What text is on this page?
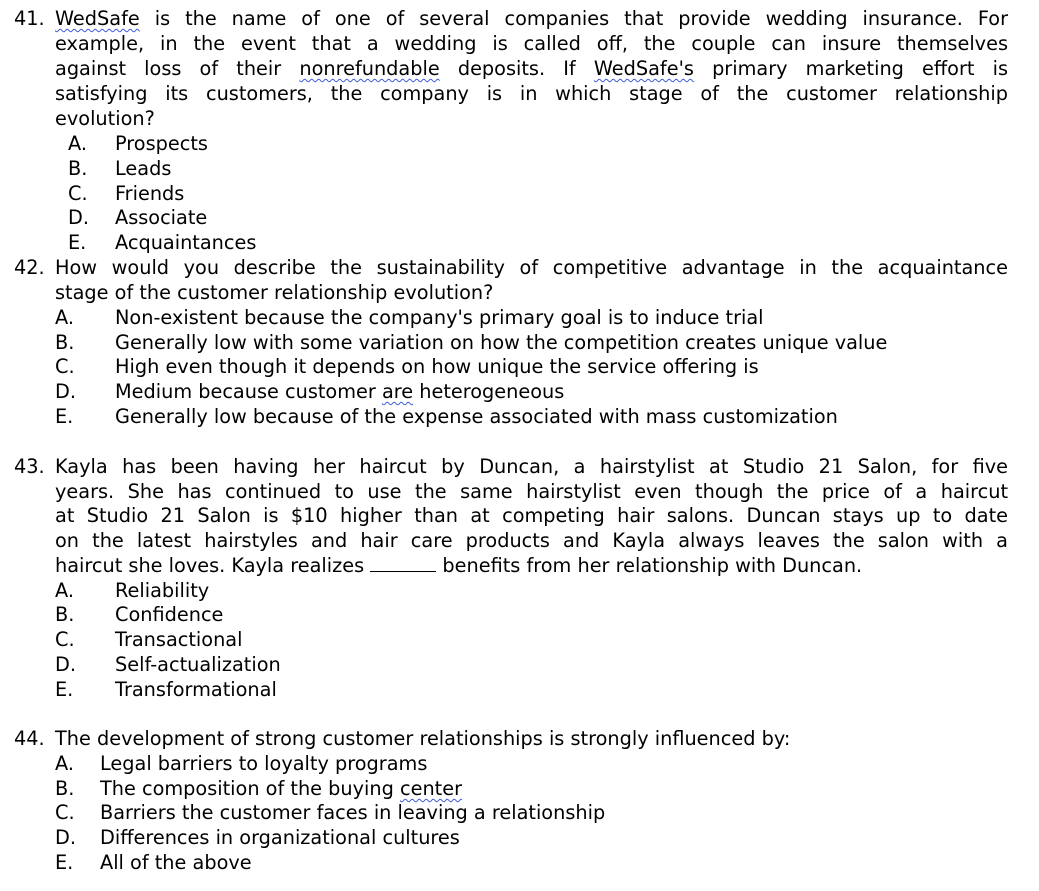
41. WedSafe is the name of one of several companies that provide wedding insurance. For
example, in the event that a wedding is called off, the couple can insure themselves
against loss of their nonrefundable deposits. If WedSafe's primary marketing effort is
satisfying its customers, the company is in which stage of the customer relationship
evolution?
A. Prospects
B. Leads
C. Friends
D. Associate
E. Acquaintances
42. How would you describe the sustainability of competitive advantage in the acquaintance
stage of the customer relationship evolution?
A. Non-existent because the company's primary goal is to induce trial
B. Generally low with some variation on how the competition creates unique value
C. High even though it depends on how unique the service offering is
D. Medium because customer are heterogeneous
E. Generally low because of the expense associated with mass customization
43. Kayla has been having her haircut by Duncan, a hairstylist at Studio 21 Salon, for five
years. She has continued to use the same hairstylist even though the price of a haircut
at Studio 21 Salon is $10 higher than at competing hair salons. Duncan stays up to date
on the latest hairstyles and hair care products and Kayla always leaves the salon with a
haircut she loves. Kayla realizes	benefits from her relationship with Duncan.
A. Reliability
B. Confidence
C. Transactional
D. Self-actualization
E. Transformational
44. The development of strong customer relationships is strongly influenced by:
A. Legal barriers to loyalty programs
B. The composition of the buying center
C. Barriers the customer faces in leaving a relationship
D. Differences in organizational cultures
E. All of the above
